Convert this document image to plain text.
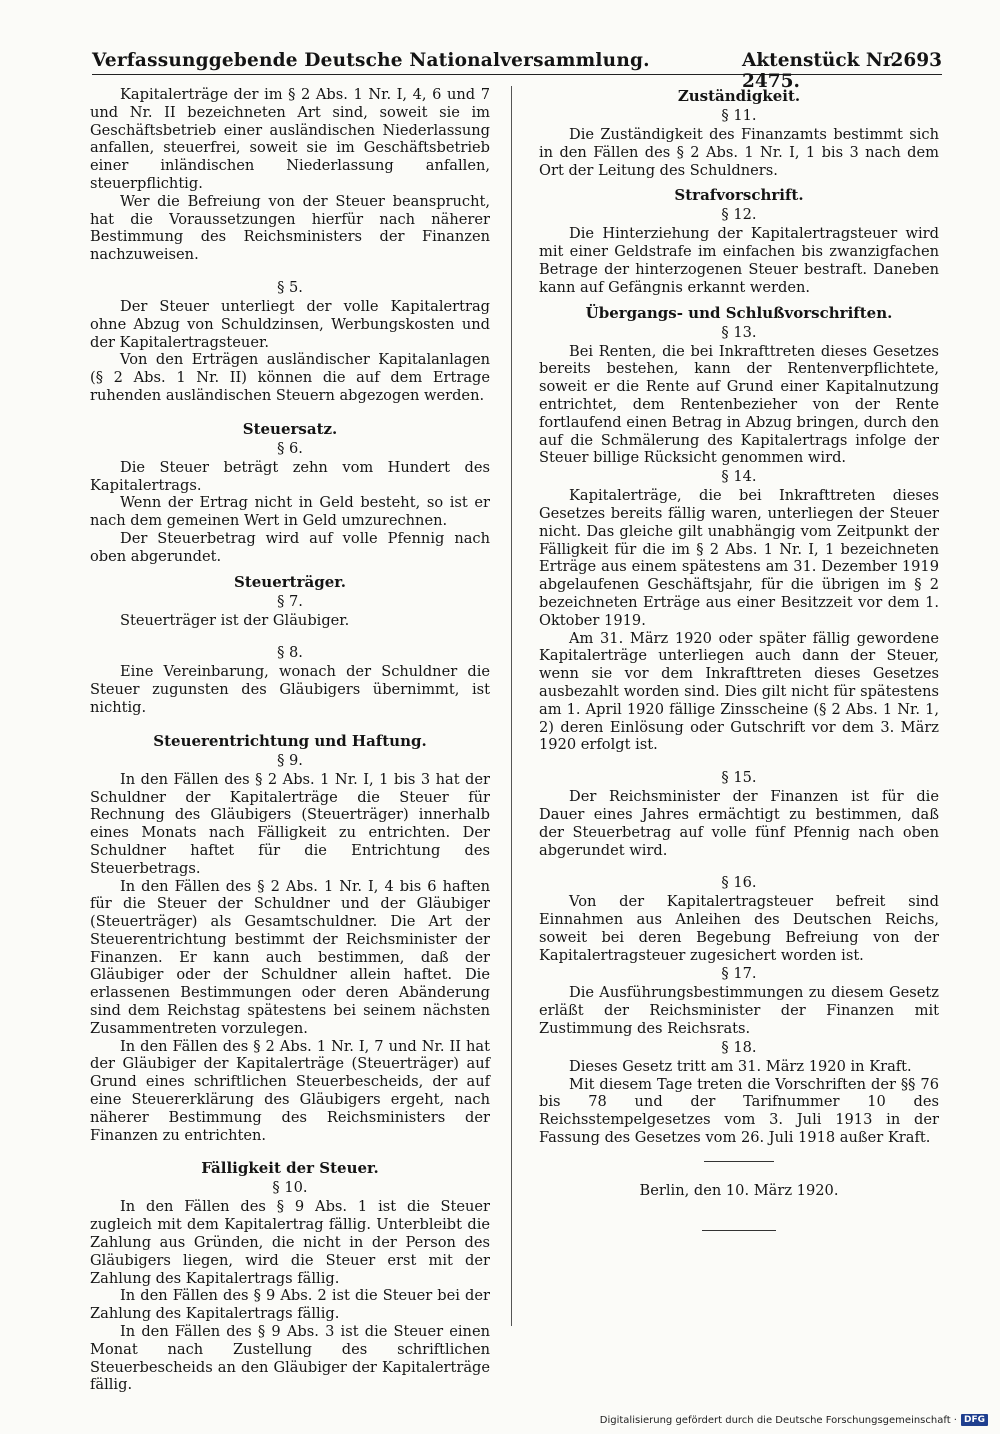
Verfassunggebende Deutsche Nationalversammlung.	Aktenstück Nr. 2475.
2693

Kapitalerträge der im § 2 Abs. 1 Nr. I, 4, 6 und 7 und Nr. II bezeichneten Art sind, soweit sie im Geschäftsbetrieb einer ausländischen Niederlassung anfallen, steuerfrei, soweit sie im Geschäftsbetrieb einer inländischen Niederlassung anfallen, steuerpflichtig.

Wer die Befreiung von der Steuer beansprucht, hat die Voraussetzungen hierfür nach näherer Bestimmung des Reichsministers der Finanzen nachzuweisen.

§ 5.

Der Steuer unterliegt der volle Kapitalertrag ohne Abzug von Schuldzinsen, Werbungskosten und der Kapitalertragsteuer.

Von den Erträgen ausländischer Kapitalanlagen (§ 2 Abs. 1 Nr. II) können die auf dem Ertrage ruhenden ausländischen Steuern abgezogen werden.

Steuersatz.

§ 6.

Die Steuer beträgt zehn vom Hundert des Kapitalertrags.

Wenn der Ertrag nicht in Geld besteht, so ist er nach dem gemeinen Wert in Geld umzurechnen.

Der Steuerbetrag wird auf volle Pfennig nach oben abgerundet.

Steuerträger.

§ 7.

Steuerträger ist der Gläubiger.

§ 8.

Eine Vereinbarung, wonach der Schuldner die Steuer zugunsten des Gläubigers übernimmt, ist nichtig.

Steuerentrichtung und Haftung.

§ 9.

In den Fällen des § 2 Abs. 1 Nr. I, 1 bis 3 hat der Schuldner der Kapitalerträge die Steuer für Rechnung des Gläubigers (Steuerträger) innerhalb eines Monats nach Fälligkeit zu entrichten. Der Schuldner haftet für die Entrichtung des Steuerbetrags.

In den Fällen des § 2 Abs. 1 Nr. I, 4 bis 6 haften für die Steuer der Schuldner und der Gläubiger (Steuerträger) als Gesamtschuldner. Die Art der Steuerentrichtung bestimmt der Reichsminister der Finanzen. Er kann auch bestimmen, daß der Gläubiger oder der Schuldner allein haftet. Die erlassenen Bestimmungen oder deren Abänderung sind dem Reichstag spätestens bei seinem nächsten Zusammentreten vorzulegen.

In den Fällen des § 2 Abs. 1 Nr. I, 7 und Nr. II hat der Gläubiger der Kapitalerträge (Steuerträger) auf Grund eines schriftlichen Steuerbescheids, der auf eine Steuererklärung des Gläubigers ergeht, nach näherer Bestimmung des Reichsministers der Finanzen zu entrichten.

Fälligkeit der Steuer.

§ 10.

In den Fällen des § 9 Abs. 1 ist die Steuer zugleich mit dem Kapitalertrag fällig. Unterbleibt die Zahlung aus Gründen, die nicht in der Person des Gläubigers liegen, wird die Steuer erst mit der Zahlung des Kapitalertrags fällig.

In den Fällen des § 9 Abs. 2 ist die Steuer bei der Zahlung des Kapitalertrags fällig.

In den Fällen des § 9 Abs. 3 ist die Steuer einen Monat nach Zustellung des schriftlichen Steuerbescheids an den Gläubiger der Kapitalerträge fällig.

Zuständigkeit.

§ 11.

Die Zuständigkeit des Finanzamts bestimmt sich in den Fällen des § 2 Abs. 1 Nr. I, 1 bis 3 nach dem Ort der Leitung des Schuldners.

Strafvorschrift.

§ 12.

Die Hinterziehung der Kapitalertragsteuer wird mit einer Geldstrafe im einfachen bis zwanzigfachen Betrage der hinterzogenen Steuer bestraft. Daneben kann auf Gefängnis erkannt werden.

Übergangs- und Schlußvorschriften.

§ 13.

Bei Renten, die bei Inkrafttreten dieses Gesetzes bereits bestehen, kann der Rentenverpflichtete, soweit er die Rente auf Grund einer Kapitalnutzung entrichtet, dem Rentenbezieher von der Rente fortlaufend einen Betrag in Abzug bringen, durch den auf die Schmälerung des Kapitalertrags infolge der Steuer billige Rücksicht genommen wird.

§ 14.

Kapitalerträge, die bei Inkrafttreten dieses Gesetzes bereits fällig waren, unterliegen der Steuer nicht. Das gleiche gilt unabhängig vom Zeitpunkt der Fälligkeit für die im § 2 Abs. 1 Nr. I, 1 bezeichneten Erträge aus einem spätestens am 31. Dezember 1919 abgelaufenen Geschäftsjahr, für die übrigen im § 2 bezeichneten Erträge aus einer Besitzzeit vor dem 1. Oktober 1919.

Am 31. März 1920 oder später fällig gewordene Kapitalerträge unterliegen auch dann der Steuer, wenn sie vor dem Inkrafttreten dieses Gesetzes ausbezahlt worden sind. Dies gilt nicht für spätestens am 1. April 1920 fällige Zinsscheine (§ 2 Abs. 1 Nr. 1, 2) deren Einlösung oder Gutschrift vor dem 3. März 1920 erfolgt ist.

§ 15.

Der Reichsminister der Finanzen ist für die Dauer eines Jahres ermächtigt zu bestimmen, daß der Steuerbetrag auf volle fünf Pfennig nach oben abgerundet wird.

§ 16.

Von der Kapitalertragsteuer befreit sind Einnahmen aus Anleihen des Deutschen Reichs, soweit bei deren Begebung Befreiung von der Kapitalertragsteuer zugesichert worden ist.

§ 17.

Die Ausführungsbestimmungen zu diesem Gesetz erläßt der Reichsminister der Finanzen mit Zustimmung des Reichsrats.

§ 18.

Dieses Gesetz tritt am 31. März 1920 in Kraft.

Mit diesem Tage treten die Vorschriften der §§ 76 bis 78 und der Tarifnummer 10 des Reichsstempelgesetzes vom 3. Juli 1913 in der Fassung des Gesetzes vom 26. Juli 1918 außer Kraft.

Berlin, den 10. März 1920.

Digitalisierung gefördert durch die Deutsche Forschungsgemeinschaft · DFG
